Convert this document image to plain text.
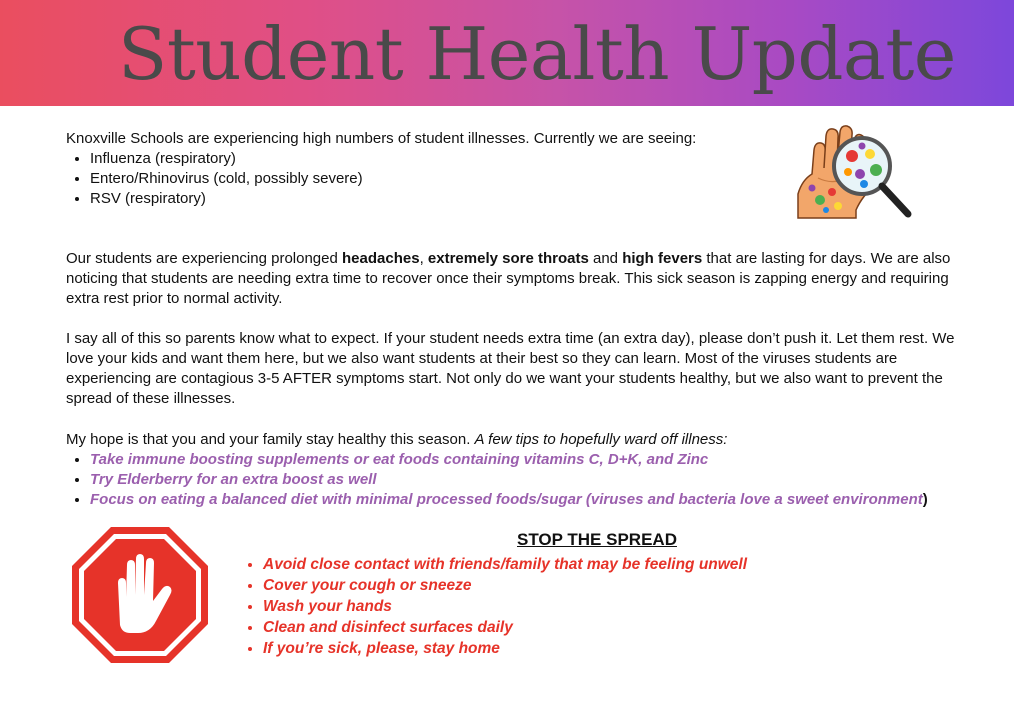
Student Health Update

Knoxville Schools are experiencing high numbers of student illnesses. Currently we are seeing:

• Influenza (respiratory)
• Entero/Rhinovirus (cold, possibly severe)
• RSV (respiratory)

Our students are experiencing prolonged headaches, extremely sore throats and high fevers that are lasting for days. We are also noticing that students are needing extra time to recover once their symptoms break. This sick season is zapping energy and requiring extra rest prior to normal activity.

I say all of this so parents know what to expect. If your student needs extra time (an extra day), please don’t push it. Let them rest. We love your kids and want them here, but we also want students at their best so they can learn. Most of the viruses students are experiencing are contagious 3-5 AFTER symptoms start. Not only do we want your students healthy, but we also want to prevent the spread of these illnesses.

My hope is that you and your family stay healthy this season. A few tips to hopefully ward off illness:

• Take immune boosting supplements or eat foods containing vitamins C, D+K, and Zinc
• Try Elderberry for an extra boost as well
• Focus on eating a balanced diet with minimal processed foods/sugar (viruses and bacteria love a sweet environment)
STOP THE SPREAD
• Avoid close contact with friends/family that may be feeling unwell
• Cover your cough or sneeze
• Wash your hands
• Clean and disinfect surfaces daily
• If you’re sick, please, stay home
